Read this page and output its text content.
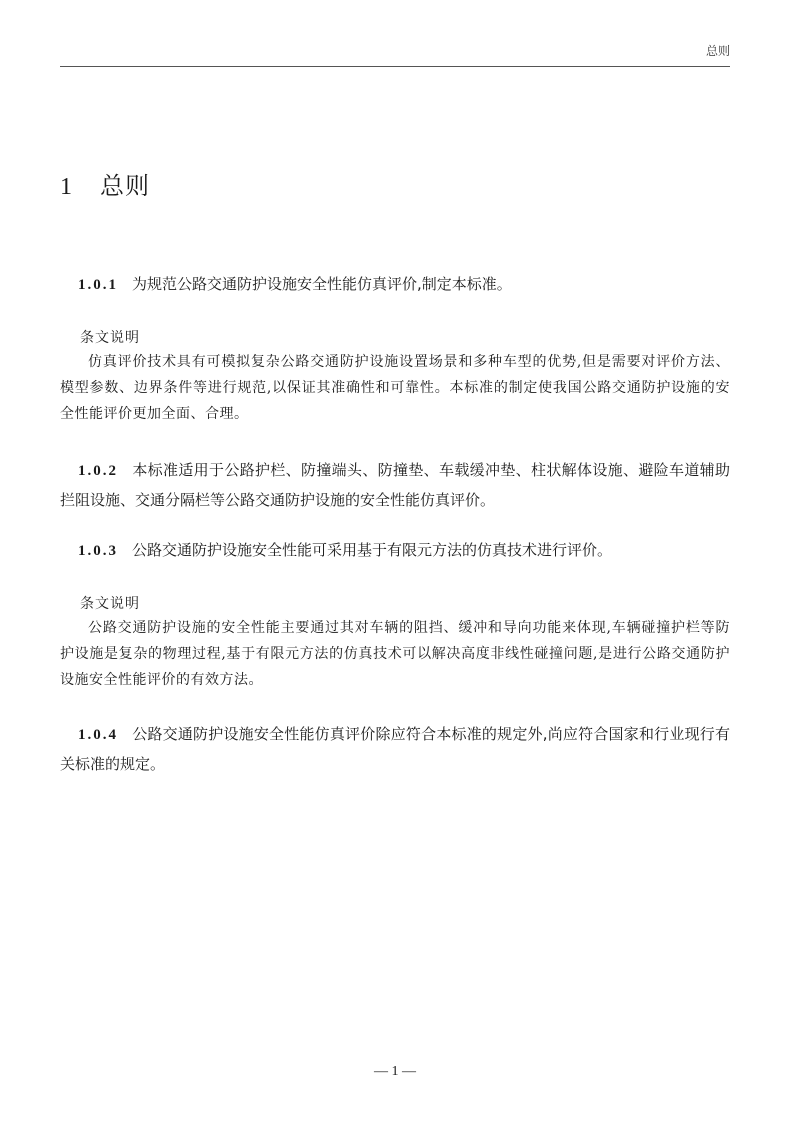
总则
1 总则
1.0.1 为规范公路交通防护设施安全性能仿真评价,制定本标准。
条文说明
仿真评价技术具有可模拟复杂公路交通防护设施设置场景和多种车型的优势,但是需要对评价方法、模型参数、边界条件等进行规范,以保证其准确性和可靠性。本标准的制定使我国公路交通防护设施的安全性能评价更加全面、合理。
1.0.2 本标准适用于公路护栏、防撞端头、防撞垫、车载缓冲垫、柱状解体设施、避险车道辅助拦阻设施、交通分隔栏等公路交通防护设施的安全性能仿真评价。
1.0.3 公路交通防护设施安全性能可采用基于有限元方法的仿真技术进行评价。
条文说明
公路交通防护设施的安全性能主要通过其对车辆的阻挡、缓冲和导向功能来体现,车辆碰撞护栏等防护设施是复杂的物理过程,基于有限元方法的仿真技术可以解决高度非线性碰撞问题,是进行公路交通防护设施安全性能评价的有效方法。
1.0.4 公路交通防护设施安全性能仿真评价除应符合本标准的规定外,尚应符合国家和行业现行有关标准的规定。
— 1 —
